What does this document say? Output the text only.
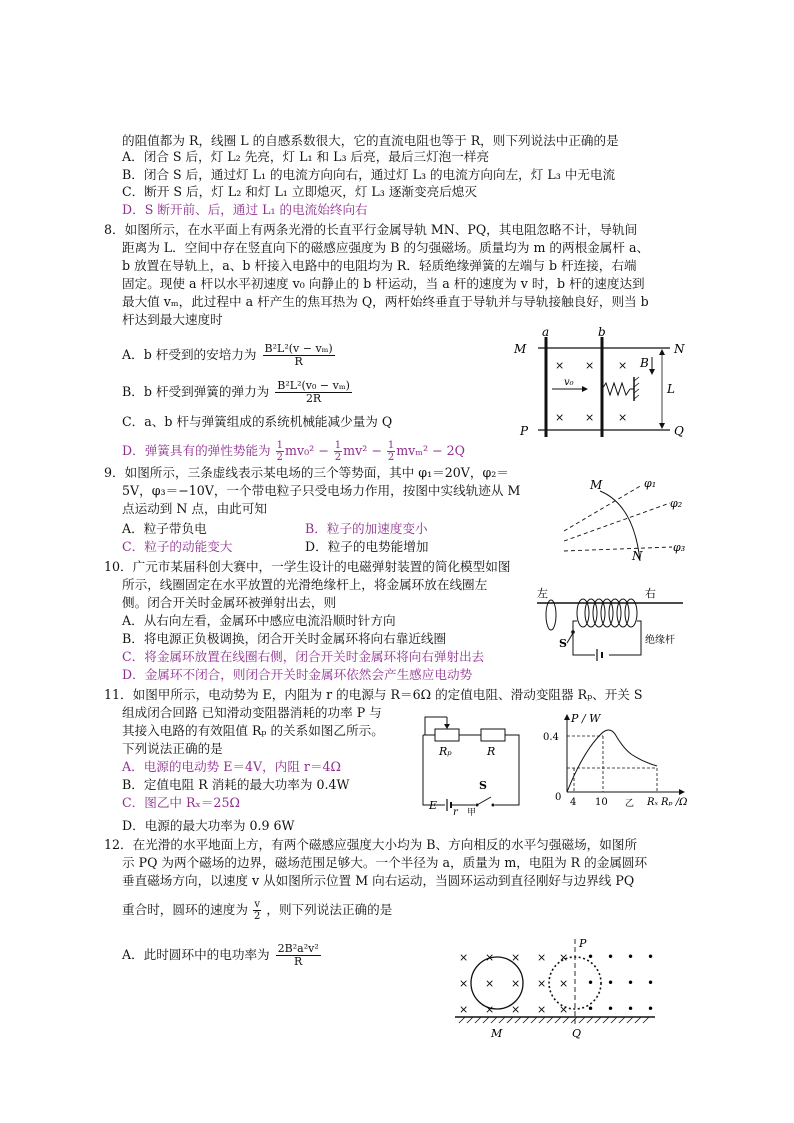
的阻值都为 R，线圈 L 的自感系数很大，它的直流电阻也等于 R，则下列说法中正确的是
A．闭合 S 后，灯 L₂ 先亮，灯 L₁ 和 L₃ 后亮，最后三灯泡一样亮
B．闭合 S 后，通过灯 L₁ 的电流方向向右，通过灯 L₃ 的电流方向向左，灯 L₃ 中无电流
C．断开 S 后，灯 L₂ 和灯 L₁ 立即熄灭，灯 L₃ 逐渐变亮后熄灭
D．S 断开前、后，通过 L₁ 的电流始终向右
8．如图所示，在水平面上有两条光滑的长直平行金属导轨 MN、PQ，其电阻忽略不计，导轨间
距离为 L．空间中存在竖直向下的磁感应强度为 B 的匀强磁场。质量均为 m 的两根金属杆 a、
b 放置在导轨上，a、b 杆接入电路中的电阻均为 R．轻质绝缘弹簧的左端与 b 杆连接，右端
固定。现使 a 杆以水平初速度 v₀ 向静止的 b 杆运动，当 a 杆的速度为 v 时，b 杆的速度达到
最大值 vₘ，此过程中 a 杆产生的焦耳热为 Q，两杆始终垂直于导轨并与导轨接触良好，则当 b
杆达到最大速度时
A．b 杆受到的安培力为 $\frac{\text{B²L²(v − vₘ)}}{R}$
B．b 杆受到弹簧的弹力为 $\frac{\text{B²L²(v₀ − vₘ)}}{2R}$
C．a、b 杆与弹簧组成的系统机械能减少量为 Q
D．弹簧具有的弹性势能为 $\frac{1}{2} mv_0^2 - \frac{1}{2} mv^2 - \frac{1}{2} mv_m^2 - 2Q$
M	N
P	Q
a	b
B
L
v₀
× × ×
× × ×
9．如图所示，三条虚线表示某电场的三个等势面，其中 φ₁＝20V，φ₂＝
5V，φ₃＝−10V，一个带电粒子只受电场力作用，按图中实线轨迹从 M
点运动到 N 点，由此可知
A．粒子带负电	B．粒子的加速度变小
C．粒子的动能变大	D．粒子的电势能增加
M
N
φ₁
φ₂
φ₃
10．广元市某届科创大赛中，一学生设计的电磁弹射装置的简化模型如图
所示，线圈固定在水平放置的光滑绝缘杆上，将金属环放在线圈左
侧。闭合开关时金属环被弹射出去，则
A．从右向左看，金属环中感应电流沿顺时针方向
B．将电源正负极调换，闭合开关时金属环将向右靠近线圈
C．将金属环放置在线圈右侧，闭合开关时金属环将向右弹射出去
D．金属环不闭合，则闭合开关时金属环依然会产生感应电动势
左	右
S	绝缘杆
11．如图甲所示，电动势为 E，内阻为 r 的电源与 R＝6Ω 的定值电阻、滑动变阻器 Rₚ、开关 S
组成闭合回路 已知滑动变阻器消耗的功率 P 与
其接入电路的有效阻值 Rₚ 的关系如图乙所示。
下列说法正确的是
A．电源的电动势 E＝4V，内阻 r＝4Ω
B．定值电阻 R 消耗的最大功率为 0.4W
C．图乙中 Rₓ＝25Ω
D．电源的最大功率为 0.9 6W
Rₚ	R
S
E
r 甲
P / W
0.4
0 4 10 乙 Rₓ Rₚ /Ω
12．在光滑的水平地面上方，有两个磁感应强度大小均为 B、方向相反的水平匀强磁场，如图所
示 PQ 为两个磁场的边界，磁场范围足够大。一个半径为 a，质量为 m，电阻为 R 的金属圆环
垂直磁场方向，以速度 v 从如图所示位置 M 向右运动，当圆环运动到直径刚好与边界线 PQ
重合时，圆环的速度为 $\frac{v}{2}$ ，则下列说法正确的是
A．此时圆环中的电功率为 $\frac{\text{2B²a²v²}}{R}$	P
M	Q
×
×
×
×
×
×
×
×
×
×
×
×
×
×
×
•
•
•
•
•
•
•
•
•
•
•
•
